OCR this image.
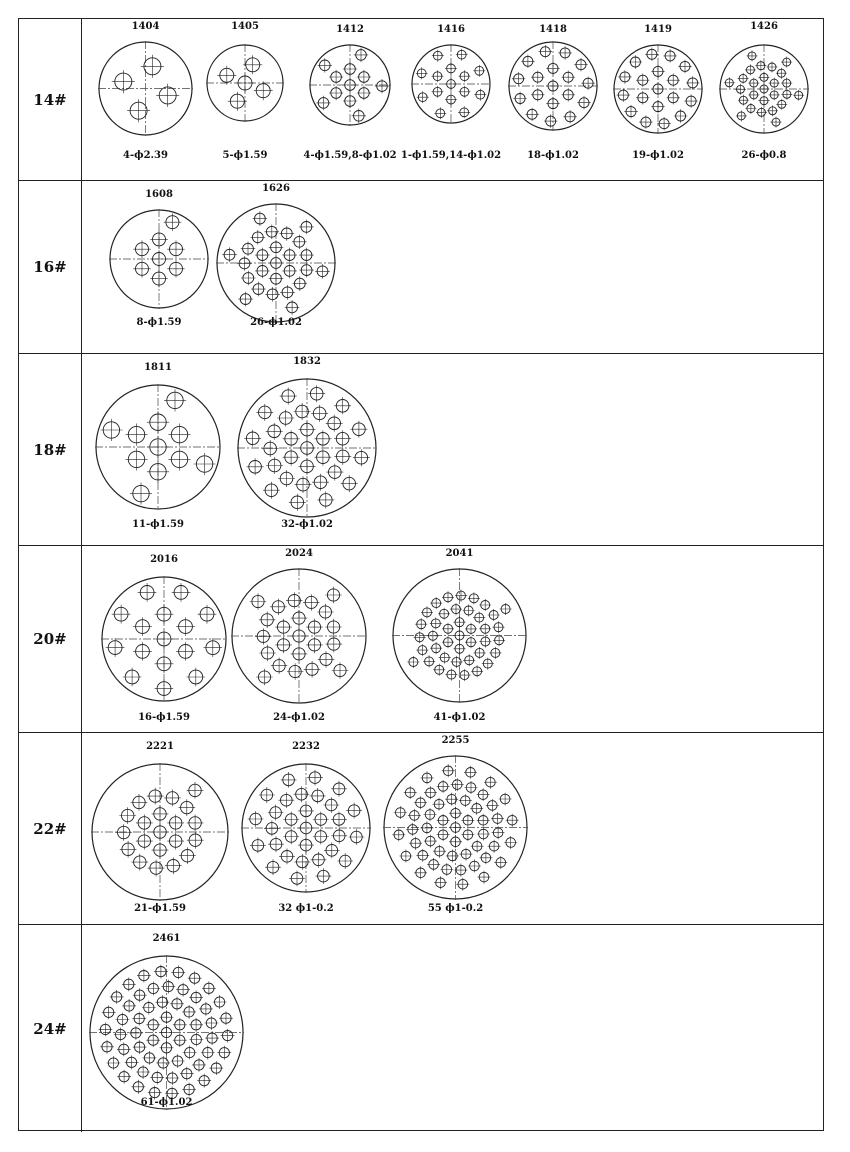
14#
1404
4-ϕ2.39
1405
5-ϕ1.59
1412
4-ϕ1.59,8-ϕ1.02
1416
1-ϕ1.59,14-ϕ1.02
1418
18-ϕ1.02
1419
19-ϕ1.02
1426
26-ϕ0.8
16#
1608
8-ϕ1.59
1626
26-ϕ1.02
18#
1811
11-ϕ1.59
1832
32-ϕ1.02
20#
2016
16-ϕ1.59
2024
24-ϕ1.02
2041
41-ϕ1.02
22#
2221
21-ϕ1.59
2232
32 ϕ1-0.2
2255
55 ϕ1-0.2
24#
2461
61-ϕ1.02
